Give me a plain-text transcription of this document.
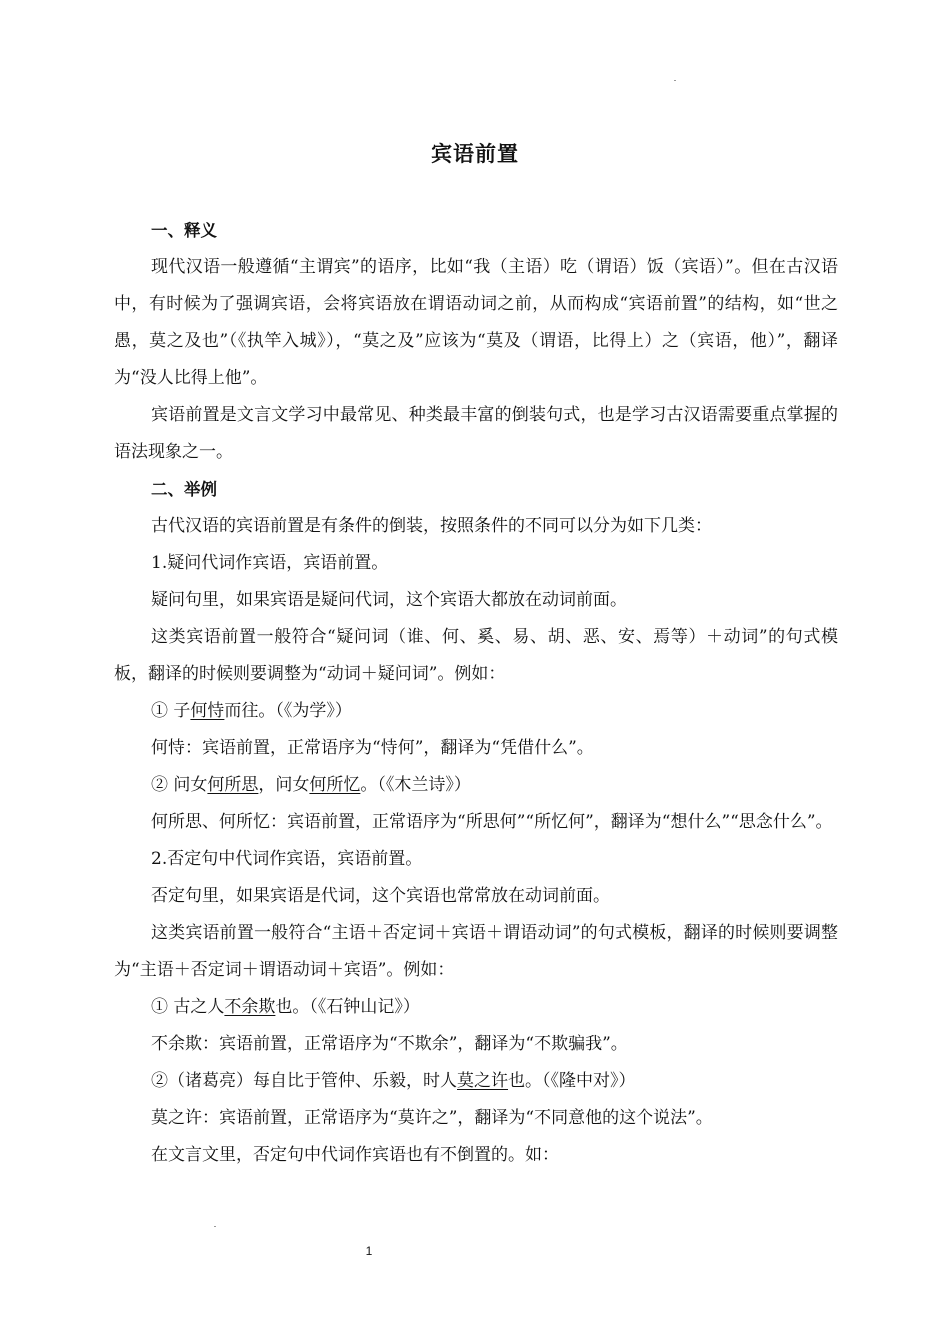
宾语前置

一、释义

现代汉语一般遵循“主谓宾”的语序，比如“我（主语）吃（谓语）饭（宾语）”。但在古汉语中，有时候为了强调宾语，会将宾语放在谓语动词之前，从而构成“宾语前置”的结构，如“世之愚，莫之及也”（《执竿入城》），“莫之及”应该为“莫及（谓语，比得上）之（宾语，他）”，翻译为“没人比得上他”。

宾语前置是文言文学习中最常见、种类最丰富的倒装句式，也是学习古汉语需要重点掌握的语法现象之一。

二、举例

古代汉语的宾语前置是有条件的倒装，按照条件的不同可以分为如下几类：

1.疑问代词作宾语，宾语前置。

疑问句里，如果宾语是疑问代词，这个宾语大都放在动词前面。

这类宾语前置一般符合“疑问词（谁、何、奚、易、胡、恶、安、焉等）＋动词”的句式模板，翻译的时候则要调整为“动词＋疑问词”。例如：

① 子何恃而往。（《为学》）

何恃：宾语前置，正常语序为“恃何”，翻译为“凭借什么”。

② 问女何所思，问女何所忆。（《木兰诗》）

何所思、何所忆：宾语前置，正常语序为“所思何”“所忆何”，翻译为“想什么”“思念什么”。

2.否定句中代词作宾语，宾语前置。

否定句里，如果宾语是代词，这个宾语也常常放在动词前面。

这类宾语前置一般符合“主语＋否定词＋宾语＋谓语动词”的句式模板，翻译的时候则要调整为“主语＋否定词＋谓语动词＋宾语”。例如：

① 古之人不余欺也。（《石钟山记》）

不余欺：宾语前置，正常语序为“不欺余”，翻译为“不欺骗我”。

②（诸葛亮）每自比于管仲、乐毅，时人莫之许也。（《隆中对》）

莫之许：宾语前置，正常语序为“莫许之”，翻译为“不同意他的这个说法”。

在文言文里，否定句中代词作宾语也有不倒置的。如：

1
